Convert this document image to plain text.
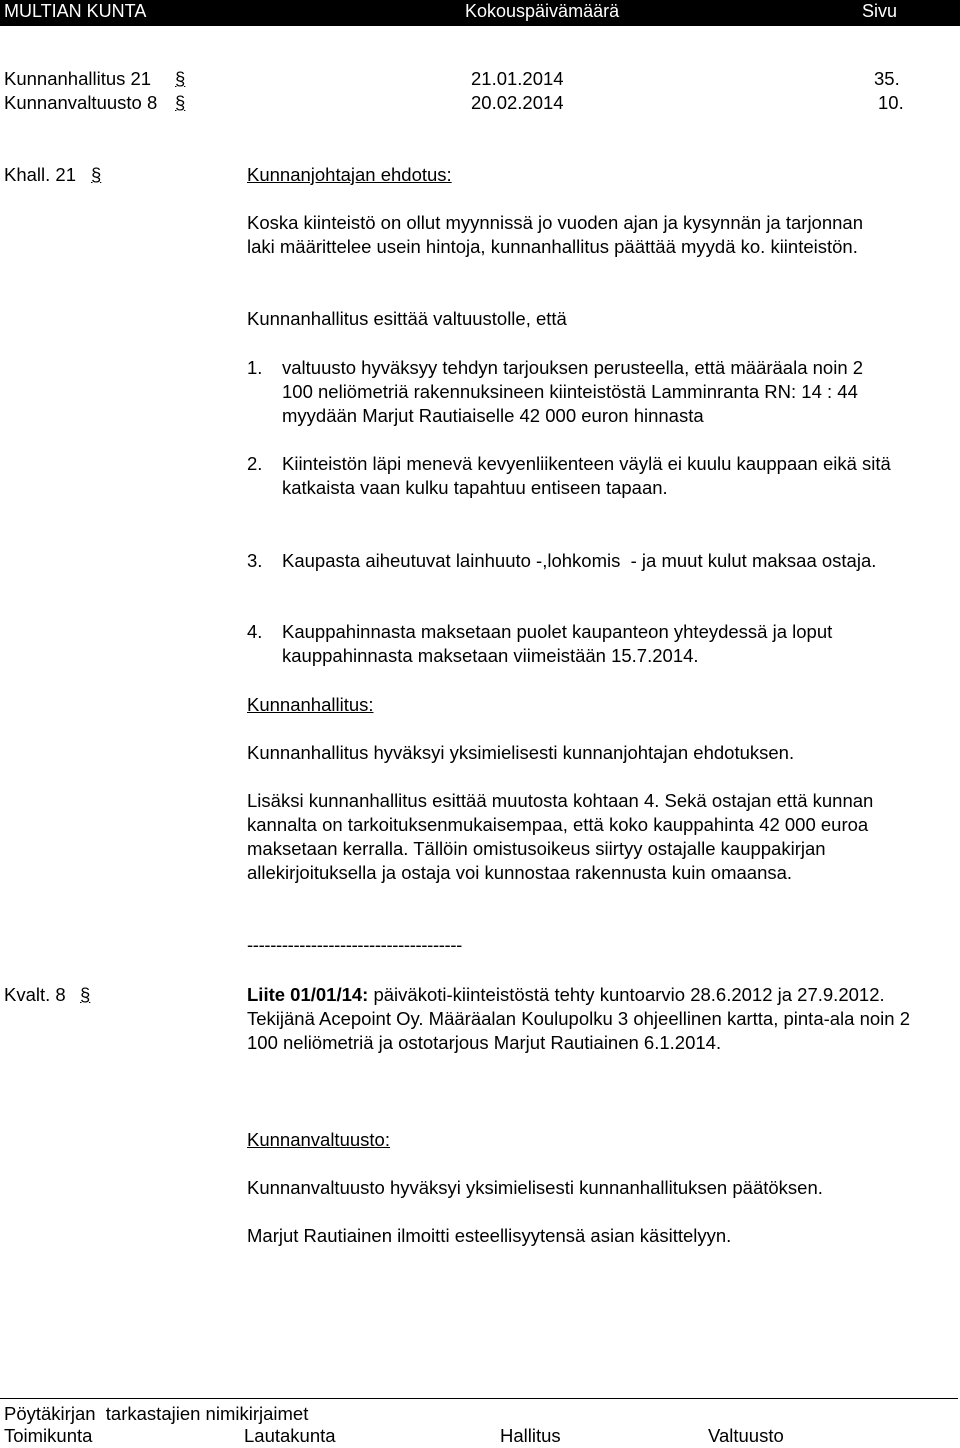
MULTIAN KUNTA	Kokouspäivämäärä	Sivu
Kunnanhallitus 21 §	21.01.2014	35.
Kunnanvaltuusto 8 §	20.02.2014	10.
Khall. 21 §	Kunnanjohtajan ehdotus:
Koska kiinteistö on ollut myynnissä jo vuoden ajan ja kysynnän ja tarjonnan laki määrittelee usein hintoja, kunnanhallitus päättää myydä ko. kiinteistön.
Kunnanhallitus esittää valtuustolle, että
1. valtuusto hyväksyy tehdyn tarjouksen perusteella, että määräala noin 2 100 neliömetriä rakennuksineen kiinteistöstä Lamminranta RN: 14 : 44 myydään Marjut Rautiaiselle 42 000 euron hinnasta
2. Kiinteistön läpi menevä kevyenliikenteen väylä ei kuulu kauppaan eikä sitä katkaista vaan kulku tapahtuu entiseen tapaan.
3. Kaupasta aiheutuvat lainhuuto -,lohkomis  - ja muut kulut maksaa ostaja.
4. Kauppahinnasta maksetaan puolet kaupanteon yhteydessä ja loput kauppahinnasta maksetaan viimeistään 15.7.2014.
Kunnanhallitus:
Kunnanhallitus hyväksyi yksimielisesti kunnanjohtajan ehdotuksen.
Lisäksi kunnanhallitus esittää muutosta kohtaan 4. Sekä ostajan että kunnan kannalta on tarkoituksenmukaisempaa, että koko kauppahinta 42 000 euroa maksetaan kerralla. Tällöin omistusoikeus siirtyy ostajalle kauppakirjan allekirjoituksella ja ostaja voi kunnostaa rakennusta kuin omaansa.
-------------------------------------
Kvalt. 8 §	Liite 01/01/14: päiväkoti-kiinteistöstä tehty kuntoarvio 28.6.2012 ja 27.9.2012. Tekijänä Acepoint Oy. Määräalan Koulupolku 3 ohjeellinen kartta, pinta-ala noin 2 100 neliömetriä ja ostotarjous Marjut Rautiainen 6.1.2014.
Kunnanvaltuusto:
Kunnanvaltuusto hyväksyi yksimielisesti kunnanhallituksen päätöksen.
Marjut Rautiainen ilmoitti esteellisyytensä asian käsittelyyn.
Pöytäkirjan  tarkastajien nimikirjaimet
Toimikunta	Lautakunta	Hallitus	Valtuusto
